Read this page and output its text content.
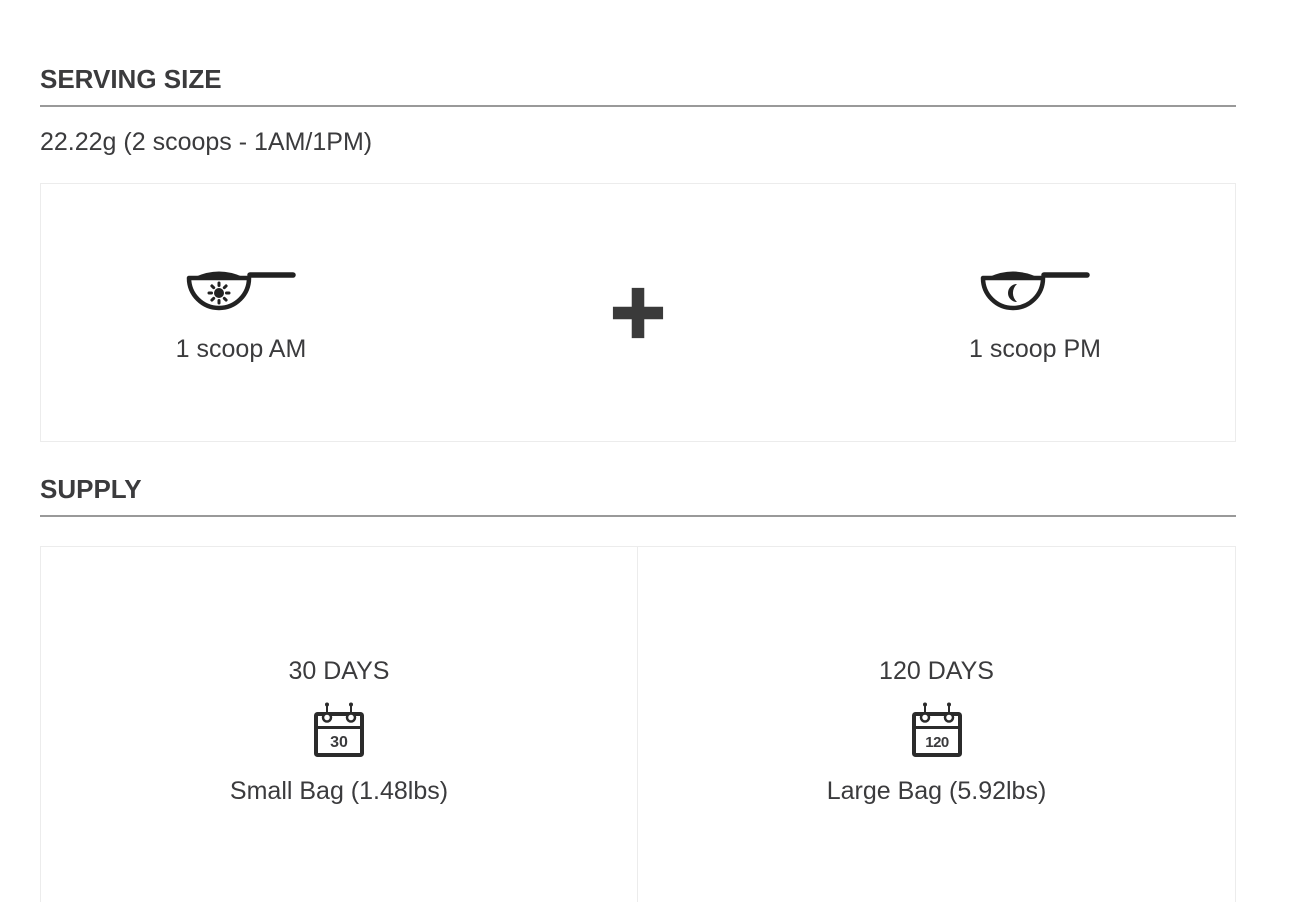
SERVING SIZE
22.22g (2 scoops - 1AM/1PM)
1 scoop AM	1 scoop PM
SUPPLY
30 DAYS
30
Small Bag (1.48lbs)
120 DAYS
120
Large Bag (5.92lbs)
